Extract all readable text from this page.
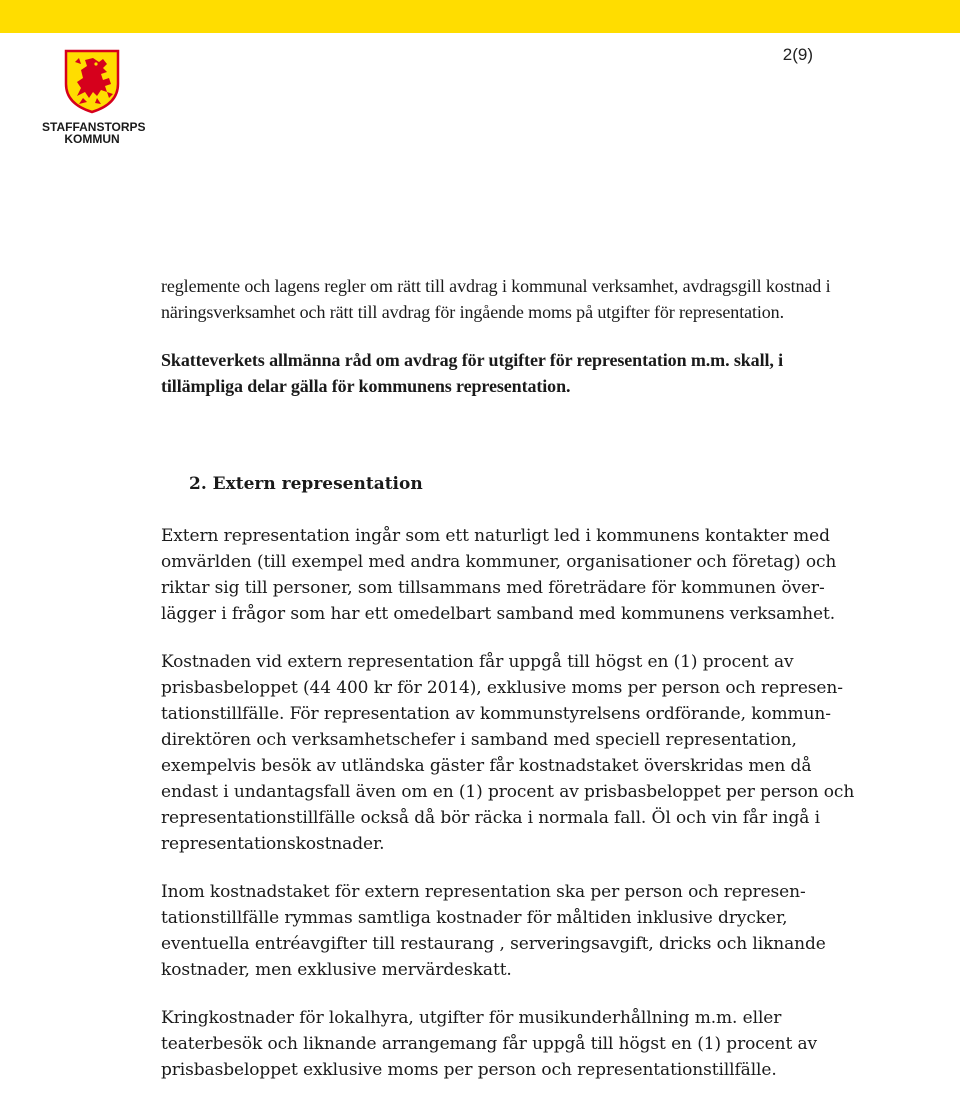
2(9)
STAFFANSTORPS
KOMMUN

reglemente och lagens regler om rätt till avdrag i kommunal verksamhet, avdragsgill kostnad i näringsverksamhet och rätt till avdrag för ingående moms på utgifter för representation.

Skatteverkets allmänna råd om avdrag för utgifter för representation m.m. skall, i tillämpliga delar gälla för kommunens representation.

2. Extern representation

Extern representation ingår som ett naturligt led i kommunens kontakter med omvärlden (till exempel med andra kommuner, organisationer och företag) och riktar sig till personer, som tillsammans med företrädare för kommunen över-lägger i frågor som har ett omedelbart samband med kommunens verksamhet.

Kostnaden vid extern representation får uppgå till högst en (1) procent av prisbasbeloppet (44 400 kr för 2014), exklusive moms per person och represen-tationstillfälle. För representation av kommunstyrelsens ordförande, kommun-direktören och verksamhetschefer i samband med speciell representation, exempelvis besök av utländska gäster får kostnadstaket överskridas men då endast i undantagsfall även om en (1) procent av prisbasbeloppet per person och representationstillfälle också då bör räcka i normala fall. Öl och vin får ingå i representationskostnader.

Inom kostnadstaket för extern representation ska per person och represen-tationstillfälle rymmas samtliga kostnader för måltiden inklusive drycker, eventuella entréavgifter till restaurang , serveringsavgift, dricks och liknande kostnader, men exklusive mervärdeskatt.

Kringkostnader för lokalhyra, utgifter för musikunderhållning m.m. eller teaterbesök och liknande arrangemang får uppgå till högst en (1) procent av prisbasbeloppet exklusive moms per person och representationstillfälle.
